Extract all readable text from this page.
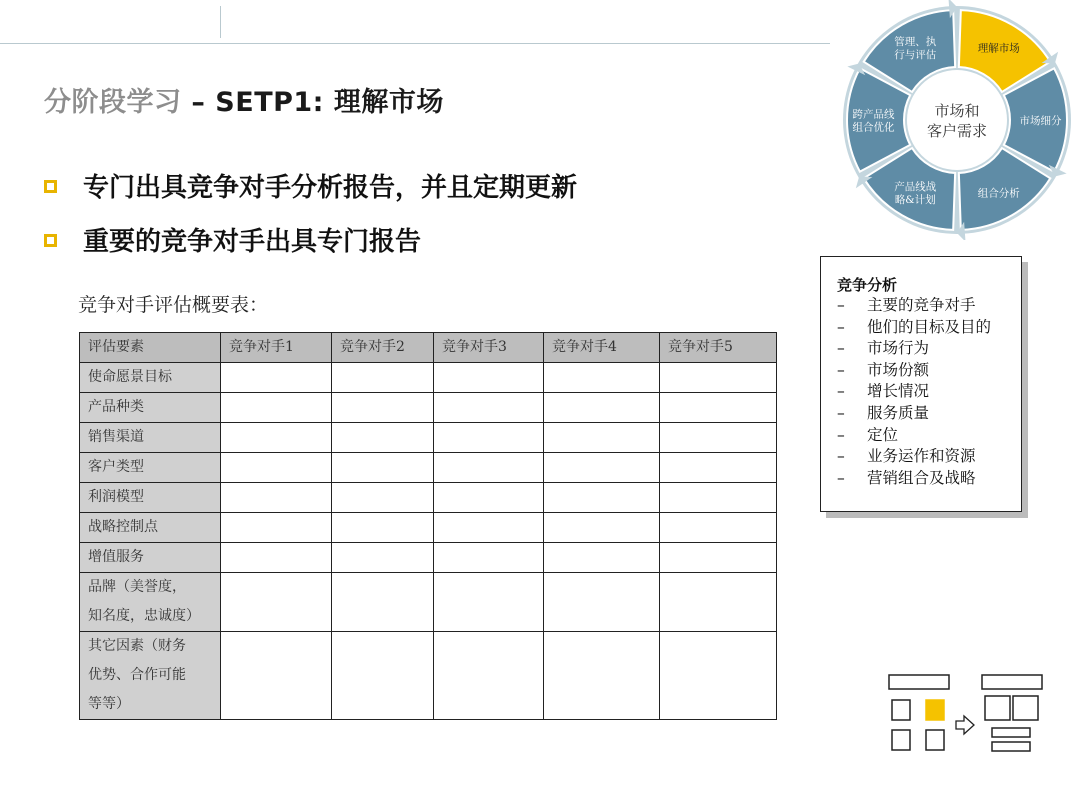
分阶段学习 – SETP1: 理解市场
专门出具竞争对手分析报告，并且定期更新
重要的竞争对手出具专门报告
竞争对手评估概要表：
评估要素	竞争对手1	竞争对手2	竞争对手3	竞争对手4	竞争对手5

使命愿景目标					

产品种类					

销售渠道					

客户类型					

利润模型					

战略控制点					

增值服务					

品牌（美誉度，
知名度，忠诚度）					

其它因素（财务
优势、合作可能
等等）					

理解市场
市场细分
组合分析
产品线战
略&计划
跨产品线
组合优化
管理、执
行与评估
市场和
客户需求
竞争分析
– 主要的竞争对手
– 他们的目标及目的
– 市场行为
– 市场份额
– 增长情况
– 服务质量
– 定位
– 业务运作和资源
– 营销组合及战略
